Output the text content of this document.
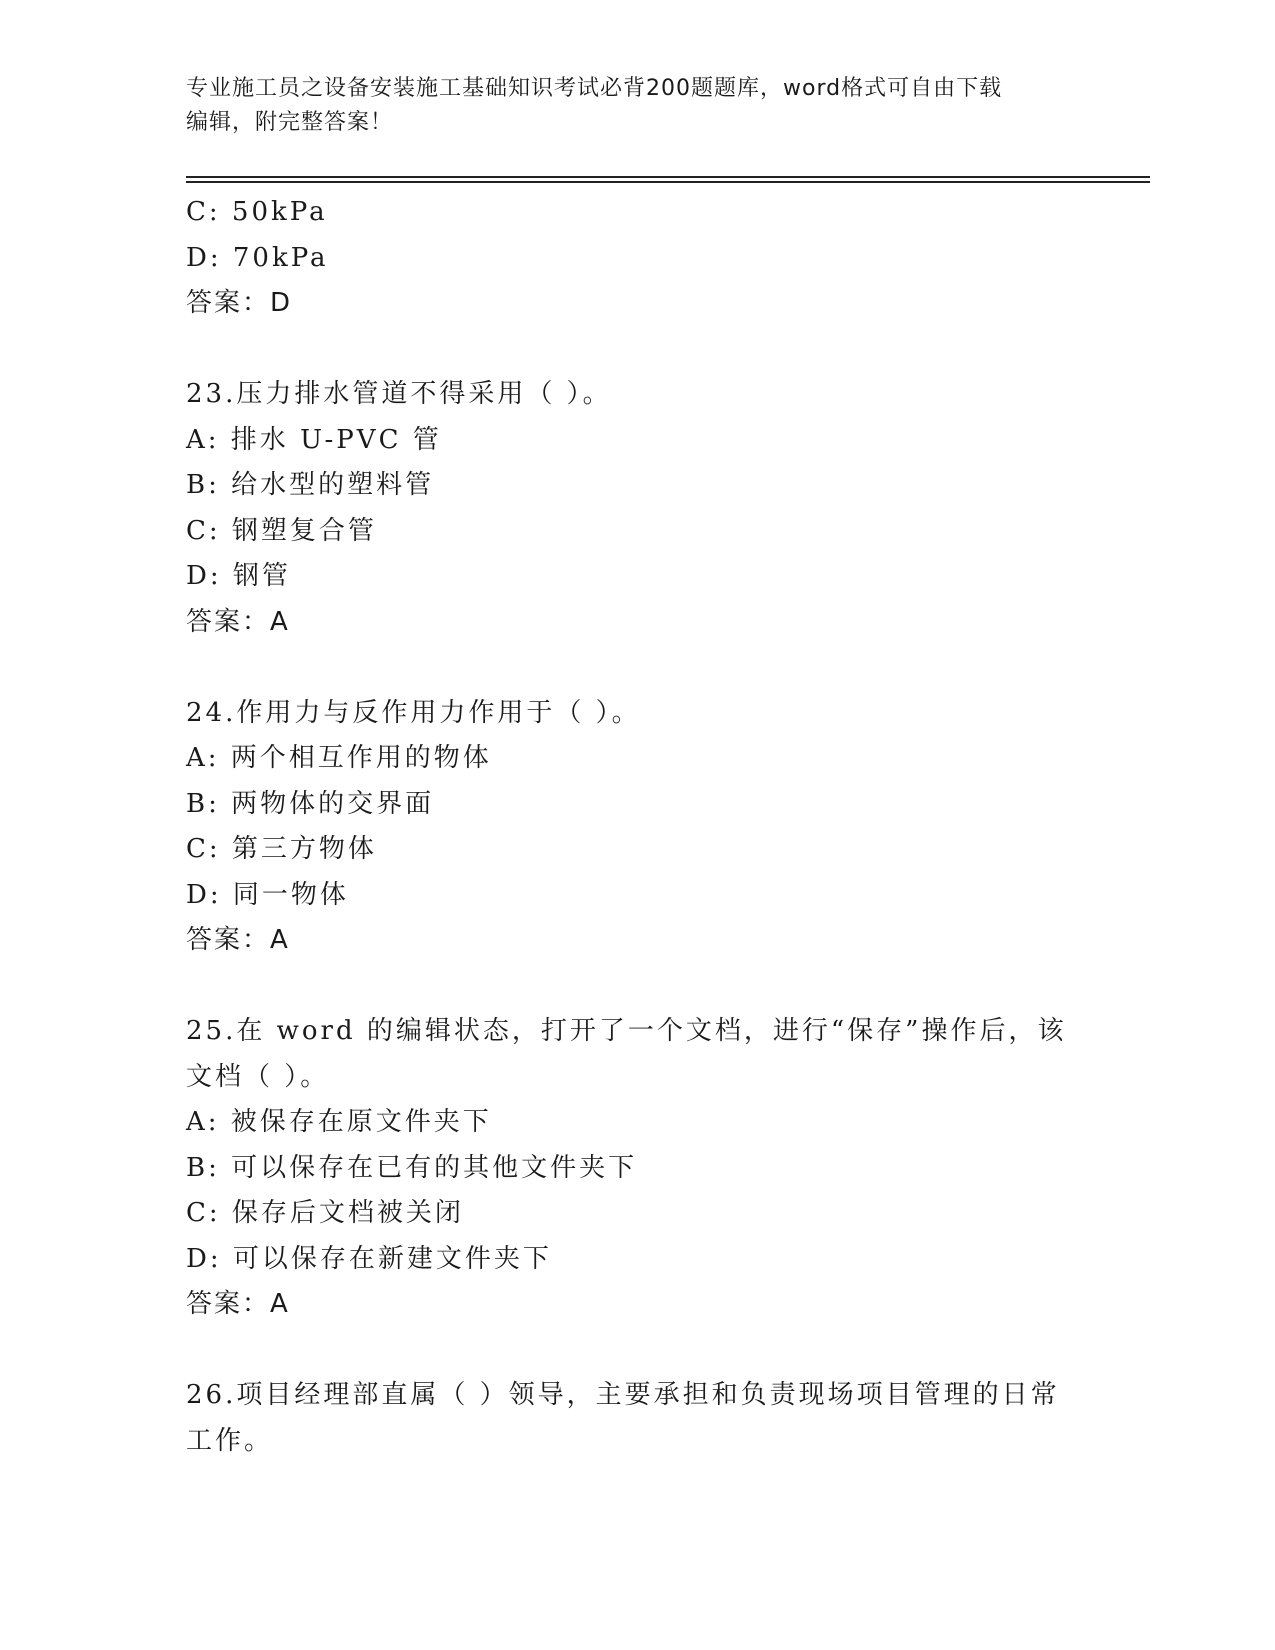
专业施工员之设备安装施工基础知识考试必背200题题库，word格式可自由下载
编辑，附完整答案！
C: 50kPa
D: 70kPa
答案：D
23.压力排水管道不得采用（ ）。
A: 排水 U-PVC 管
B: 给水型的塑料管
C: 钢塑复合管
D: 钢管
答案：A
24.作用力与反作用力作用于（ ）。
A: 两个相互作用的物体
B: 两物体的交界面
C: 第三方物体
D: 同一物体
答案：A
25.在 word 的编辑状态，打开了一个文档，进行“保存”操作后，该
文档（ ）。
A: 被保存在原文件夹下
B: 可以保存在已有的其他文件夹下
C: 保存后文档被关闭
D: 可以保存在新建文件夹下
答案：A
26.项目经理部直属（ ）领导，主要承担和负责现场项目管理的日常
工作。
